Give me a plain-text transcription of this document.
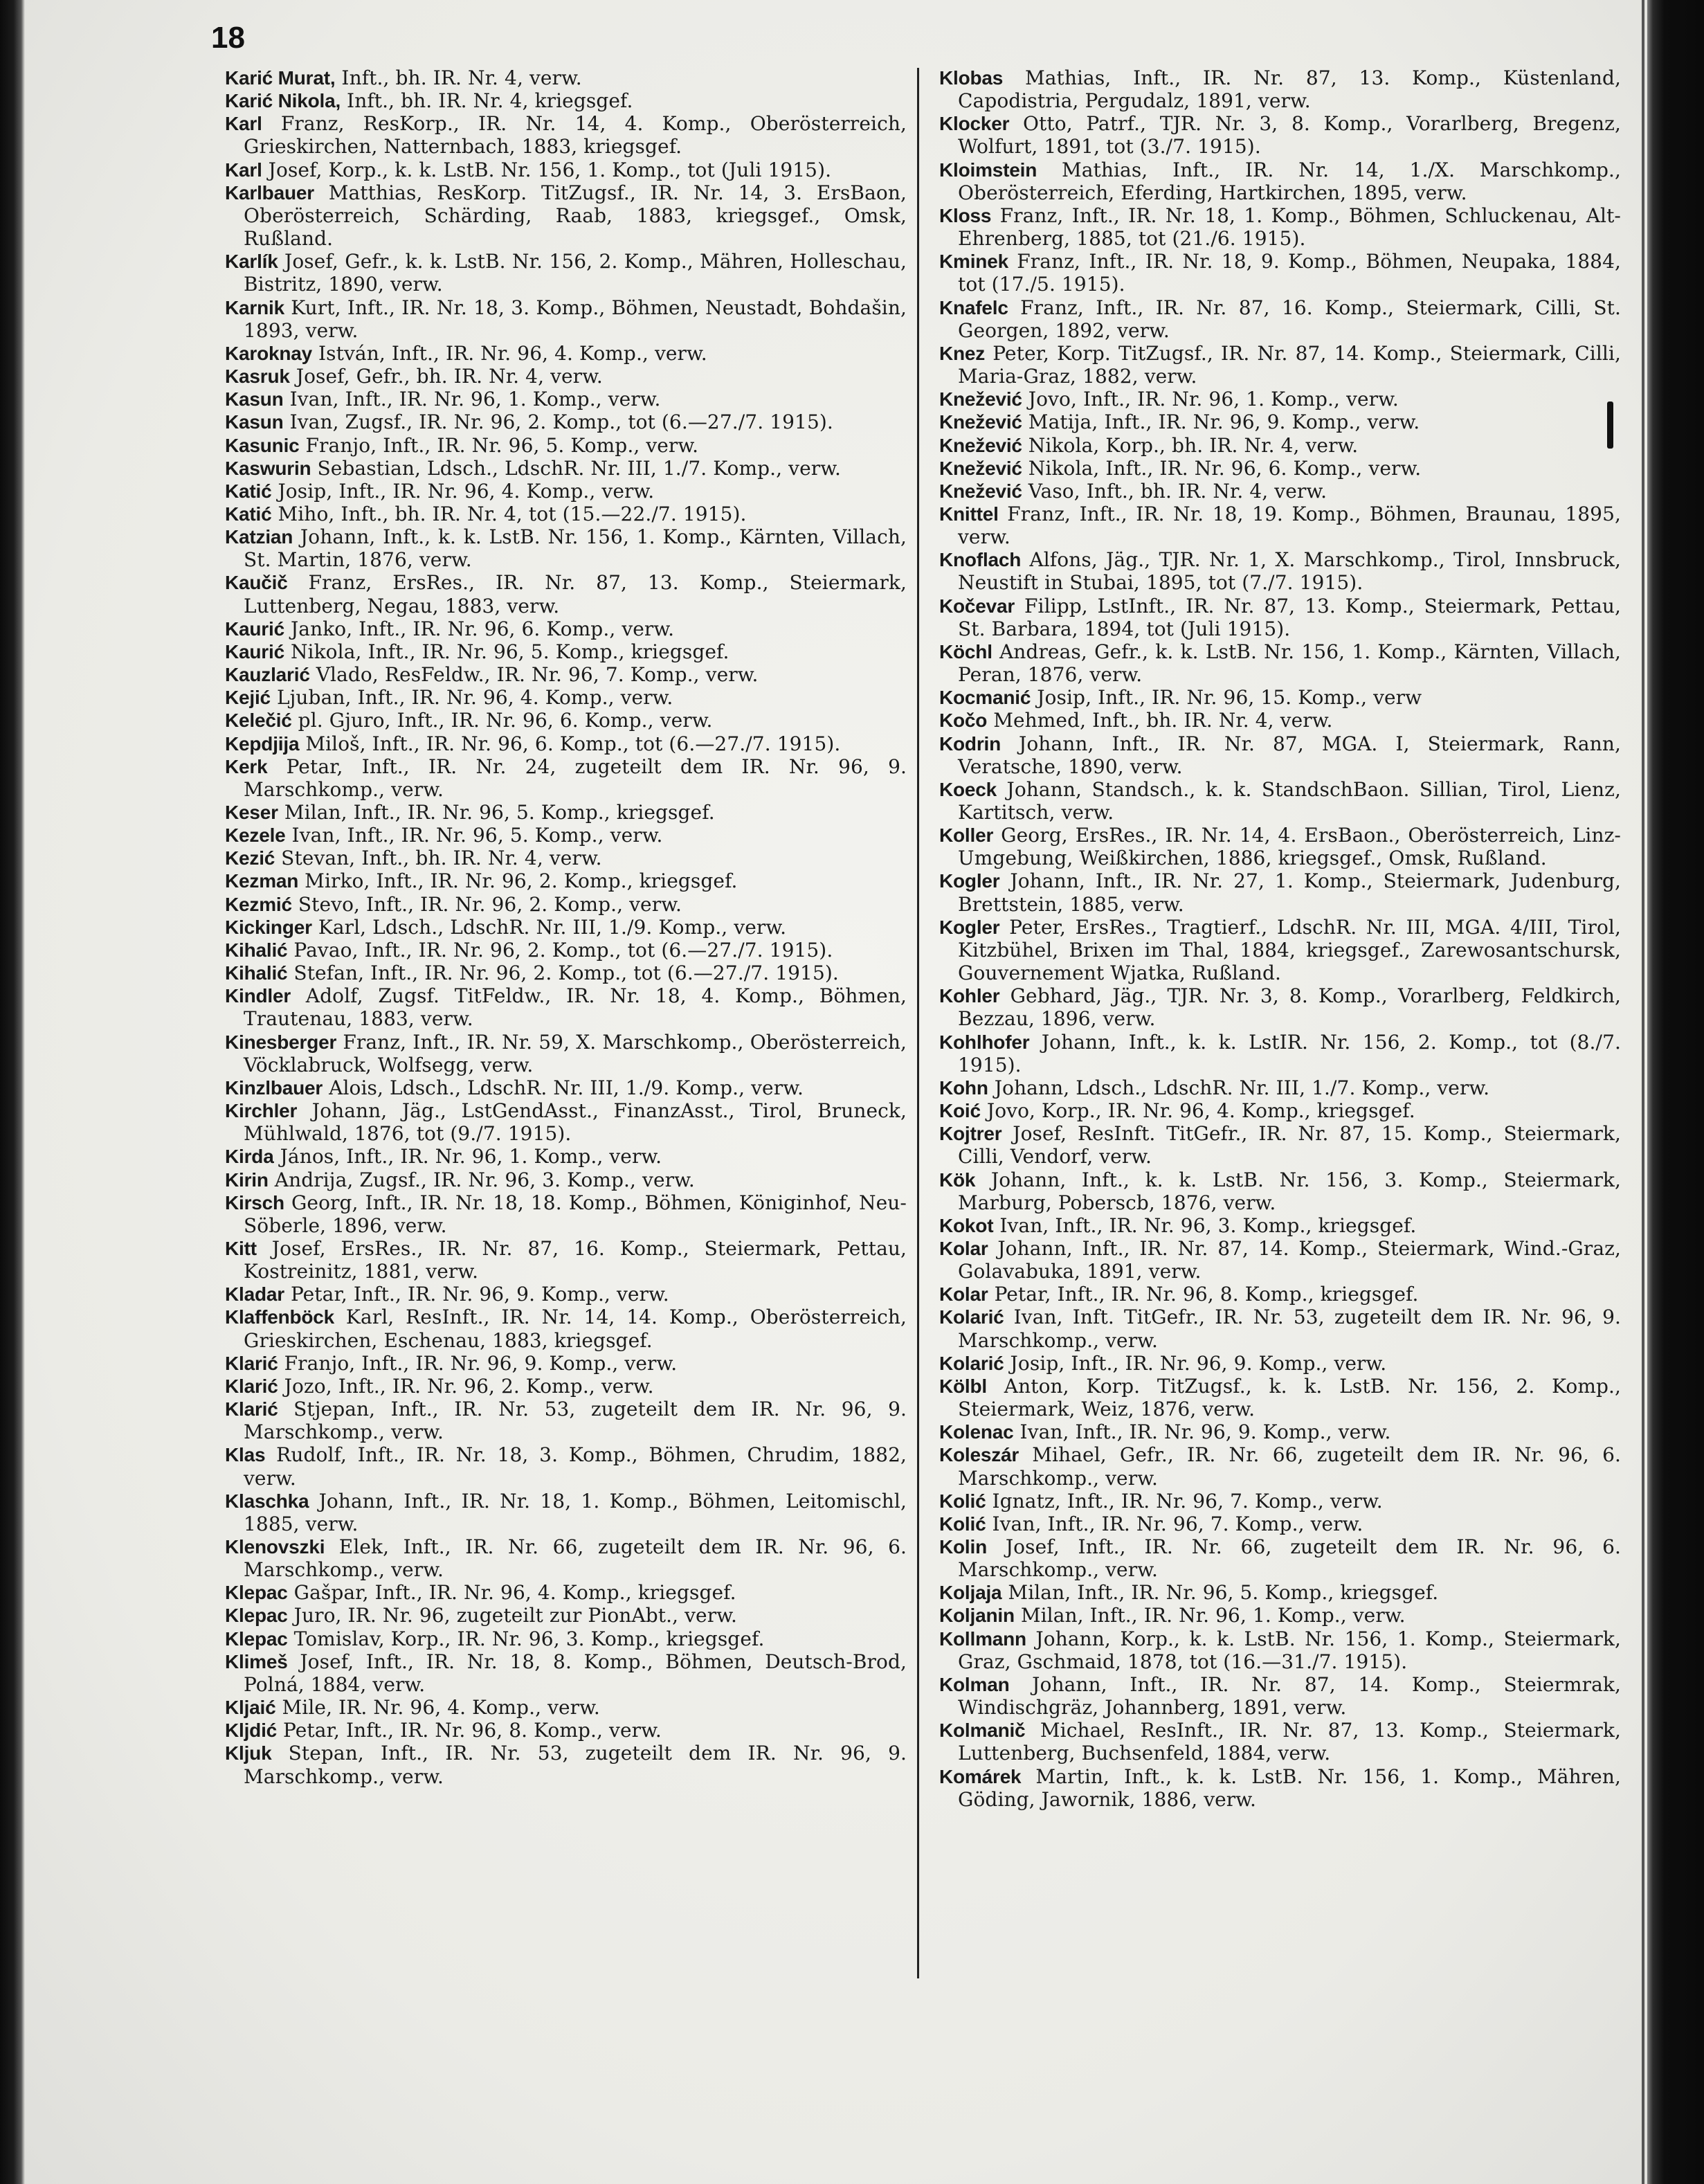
18

Karić Murat, Inft., bh. IR. Nr. 4, verw.

Karić Nikola, Inft., bh. IR. Nr. 4, kriegsgef.

Karl Franz, ResKorp., IR. Nr. 14, 4. Komp., Oberösterreich, Grieskirchen, Natternbach, 1883, kriegsgef.

Karl Josef, Korp., k. k. LstB. Nr. 156, 1. Komp., tot (Juli 1915).

Karlbauer Matthias, ResKorp. TitZugsf., IR. Nr. 14, 3. ErsBaon, Oberösterreich, Schärding, Raab, 1883, kriegsgef., Omsk, Rußland.

Karlík Josef, Gefr., k. k. LstB. Nr. 156, 2. Komp., Mähren, Holleschau, Bistritz, 1890, verw.

Karnik Kurt, Inft., IR. Nr. 18, 3. Komp., Böhmen, Neustadt, Bohdašin, 1893, verw.

Karoknay István, Inft., IR. Nr. 96, 4. Komp., verw.

Kasruk Josef, Gefr., bh. IR. Nr. 4, verw.

Kasun Ivan, Inft., IR. Nr. 96, 1. Komp., verw.

Kasun Ivan, Zugsf., IR. Nr. 96, 2. Komp., tot (6.—27./7. 1915).

Kasunic Franjo, Inft., IR. Nr. 96, 5. Komp., verw.

Kaswurin Sebastian, Ldsch., LdschR. Nr. III, 1./7. Komp., verw.

Katić Josip, Inft., IR. Nr. 96, 4. Komp., verw.

Katić Miho, Inft., bh. IR. Nr. 4, tot (15.—22./7. 1915).

Katzian Johann, Inft., k. k. LstB. Nr. 156, 1. Komp., Kärnten, Villach, St. Martin, 1876, verw.

Kaučič Franz, ErsRes., IR. Nr. 87, 13. Komp., Steiermark, Luttenberg, Negau, 1883, verw.

Kaurić Janko, Inft., IR. Nr. 96, 6. Komp., verw.

Kaurić Nikola, Inft., IR. Nr. 96, 5. Komp., kriegsgef.

Kauzlarić Vlado, ResFeldw., IR. Nr. 96, 7. Komp., verw.

Kejić Ljuban, Inft., IR. Nr. 96, 4. Komp., verw.

Kelečić pl. Gjuro, Inft., IR. Nr. 96, 6. Komp., verw.

Kepdjija Miloš, Inft., IR. Nr. 96, 6. Komp., tot (6.—27./7. 1915).

Kerk Petar, Inft., IR. Nr. 24, zugeteilt dem IR. Nr. 96, 9. Marschkomp., verw.

Keser Milan, Inft., IR. Nr. 96, 5. Komp., kriegsgef.

Kezele Ivan, Inft., IR. Nr. 96, 5. Komp., verw.

Kezić Stevan, Inft., bh. IR. Nr. 4, verw.

Kezman Mirko, Inft., IR. Nr. 96, 2. Komp., kriegsgef.

Kezmić Stevo, Inft., IR. Nr. 96, 2. Komp., verw.

Kickinger Karl, Ldsch., LdschR. Nr. III, 1./9. Komp., verw.

Kihalić Pavao, Inft., IR. Nr. 96, 2. Komp., tot (6.—27./7. 1915).

Kihalić Stefan, Inft., IR. Nr. 96, 2. Komp., tot (6.—27./7. 1915).

Kindler Adolf, Zugsf. TitFeldw., IR. Nr. 18, 4. Komp., Böhmen, Trautenau, 1883, verw.

Kinesberger Franz, Inft., IR. Nr. 59, X. Marschkomp., Oberösterreich, Vöcklabruck, Wolfsegg, verw.

Kinzlbauer Alois, Ldsch., LdschR. Nr. III, 1./9. Komp., verw.

Kirchler Johann, Jäg., LstGendAsst., FinanzAsst., Tirol, Bruneck, Mühlwald, 1876, tot (9./7. 1915).

Kirda János, Inft., IR. Nr. 96, 1. Komp., verw.

Kirin Andrija, Zugsf., IR. Nr. 96, 3. Komp., verw.

Kirsch Georg, Inft., IR. Nr. 18, 18. Komp., Böhmen, Königinhof, Neu-Söberle, 1896, verw.

Kitt Josef, ErsRes., IR. Nr. 87, 16. Komp., Steiermark, Pettau, Kostreinitz, 1881, verw.

Kladar Petar, Inft., IR. Nr. 96, 9. Komp., verw.

Klaffenböck Karl, ResInft., IR. Nr. 14, 14. Komp., Oberösterreich, Grieskirchen, Eschenau, 1883, kriegsgef.

Klarić Franjo, Inft., IR. Nr. 96, 9. Komp., verw.

Klarić Jozo, Inft., IR. Nr. 96, 2. Komp., verw.

Klarić Stjepan, Inft., IR. Nr. 53, zugeteilt dem IR. Nr. 96, 9. Marschkomp., verw.

Klas Rudolf, Inft., IR. Nr. 18, 3. Komp., Böhmen, Chrudim, 1882, verw.

Klaschka Johann, Inft., IR. Nr. 18, 1. Komp., Böhmen, Leitomischl, 1885, verw.

Klenovszki Elek, Inft., IR. Nr. 66, zugeteilt dem IR. Nr. 96, 6. Marschkomp., verw.

Klepac Gašpar, Inft., IR. Nr. 96, 4. Komp., kriegsgef.

Klepac Juro, IR. Nr. 96, zugeteilt zur PionAbt., verw.

Klepac Tomislav, Korp., IR. Nr. 96, 3. Komp., kriegsgef.

Klimeš Josef, Inft., IR. Nr. 18, 8. Komp., Böhmen, Deutsch-Brod, Polná, 1884, verw.

Kljaić Mile, IR. Nr. 96, 4. Komp., verw.

Kljdić Petar, Inft., IR. Nr. 96, 8. Komp., verw.

Kljuk Stepan, Inft., IR. Nr. 53, zugeteilt dem IR. Nr. 96, 9. Marschkomp., verw.

Klobas Mathias, Inft., IR. Nr. 87, 13. Komp., Küstenland, Capodistria, Pergudalz, 1891, verw.

Klocker Otto, Patrf., TJR. Nr. 3, 8. Komp., Vorarlberg, Bregenz, Wolfurt, 1891, tot (3./7. 1915).

Kloimstein Mathias, Inft., IR. Nr. 14, 1./X. Marschkomp., Oberösterreich, Eferding, Hartkirchen, 1895, verw.

Kloss Franz, Inft., IR. Nr. 18, 1. Komp., Böhmen, Schluckenau, Alt-Ehrenberg, 1885, tot (21./6. 1915).

Kminek Franz, Inft., IR. Nr. 18, 9. Komp., Böhmen, Neupaka, 1884, tot (17./5. 1915).

Knafelc Franz, Inft., IR. Nr. 87, 16. Komp., Steiermark, Cilli, St. Georgen, 1892, verw.

Knez Peter, Korp. TitZugsf., IR. Nr. 87, 14. Komp., Steiermark, Cilli, Maria-Graz, 1882, verw.

Knežević Jovo, Inft., IR. Nr. 96, 1. Komp., verw.

Knežević Matija, Inft., IR. Nr. 96, 9. Komp., verw.

Knežević Nikola, Korp., bh. IR. Nr. 4, verw.

Knežević Nikola, Inft., IR. Nr. 96, 6. Komp., verw.

Knežević Vaso, Inft., bh. IR. Nr. 4, verw.

Knittel Franz, Inft., IR. Nr. 18, 19. Komp., Böhmen, Braunau, 1895, verw.

Knoflach Alfons, Jäg., TJR. Nr. 1, X. Marschkomp., Tirol, Innsbruck, Neustift in Stubai, 1895, tot (7./7. 1915).

Kočevar Filipp, LstInft., IR. Nr. 87, 13. Komp., Steiermark, Pettau, St. Barbara, 1894, tot (Juli 1915).

Köchl Andreas, Gefr., k. k. LstB. Nr. 156, 1. Komp., Kärnten, Villach, Peran, 1876, verw.

Kocmanić Josip, Inft., IR. Nr. 96, 15. Komp., verw

Kočo Mehmed, Inft., bh. IR. Nr. 4, verw.

Kodrin Johann, Inft., IR. Nr. 87, MGA. I, Steiermark, Rann, Veratsche, 1890, verw.

Koeck Johann, Standsch., k. k. StandschBaon. Sillian, Tirol, Lienz, Kartitsch, verw.

Koller Georg, ErsRes., IR. Nr. 14, 4. ErsBaon., Oberösterreich, Linz-Umgebung, Weißkirchen, 1886, kriegsgef., Omsk, Rußland.

Kogler Johann, Inft., IR. Nr. 27, 1. Komp., Steiermark, Judenburg, Brettstein, 1885, verw.

Kogler Peter, ErsRes., Tragtierf., LdschR. Nr. III, MGA. 4/III, Tirol, Kitzbühel, Brixen im Thal, 1884, kriegsgef., Zarewosantschursk, Gouvernement Wjatka, Rußland.

Kohler Gebhard, Jäg., TJR. Nr. 3, 8. Komp., Vorarlberg, Feldkirch, Bezzau, 1896, verw.

Kohlhofer Johann, Inft., k. k. LstIR. Nr. 156, 2. Komp., tot (8./7. 1915).

Kohn Johann, Ldsch., LdschR. Nr. III, 1./7. Komp., verw.

Koić Jovo, Korp., IR. Nr. 96, 4. Komp., kriegsgef.

Kojtrer Josef, ResInft. TitGefr., IR. Nr. 87, 15. Komp., Steiermark, Cilli, Vendorf, verw.

Kök Johann, Inft., k. k. LstB. Nr. 156, 3. Komp., Steiermark, Marburg, Poberscb, 1876, verw.

Kokot Ivan, Inft., IR. Nr. 96, 3. Komp., kriegsgef.

Kolar Johann, Inft., IR. Nr. 87, 14. Komp., Steiermark, Wind.-Graz, Golavabuka, 1891, verw.

Kolar Petar, Inft., IR. Nr. 96, 8. Komp., kriegsgef.

Kolarić Ivan, Inft. TitGefr., IR. Nr. 53, zugeteilt dem IR. Nr. 96, 9. Marschkomp., verw.

Kolarić Josip, Inft., IR. Nr. 96, 9. Komp., verw.

Kölbl Anton, Korp. TitZugsf., k. k. LstB. Nr. 156, 2. Komp., Steiermark, Weiz, 1876, verw.

Kolenac Ivan, Inft., IR. Nr. 96, 9. Komp., verw.

Koleszár Mihael, Gefr., IR. Nr. 66, zugeteilt dem IR. Nr. 96, 6. Marschkomp., verw.

Kolić Ignatz, Inft., IR. Nr. 96, 7. Komp., verw.

Kolić Ivan, Inft., IR. Nr. 96, 7. Komp., verw.

Kolin Josef, Inft., IR. Nr. 66, zugeteilt dem IR. Nr. 96, 6. Marschkomp., verw.

Koljaja Milan, Inft., IR. Nr. 96, 5. Komp., kriegsgef.

Koljanin Milan, Inft., IR. Nr. 96, 1. Komp., verw.

Kollmann Johann, Korp., k. k. LstB. Nr. 156, 1. Komp., Steiermark, Graz, Gschmaid, 1878, tot (16.—31./7. 1915).

Kolman Johann, Inft., IR. Nr. 87, 14. Komp., Steiermrak, Windischgräz, Johannberg, 1891, verw.

Kolmanič Michael, ResInft., IR. Nr. 87, 13. Komp., Steiermark, Luttenberg, Buchsenfeld, 1884, verw.

Komárek Martin, Inft., k. k. LstB. Nr. 156, 1. Komp., Mähren, Göding, Jawornik, 1886, verw.
